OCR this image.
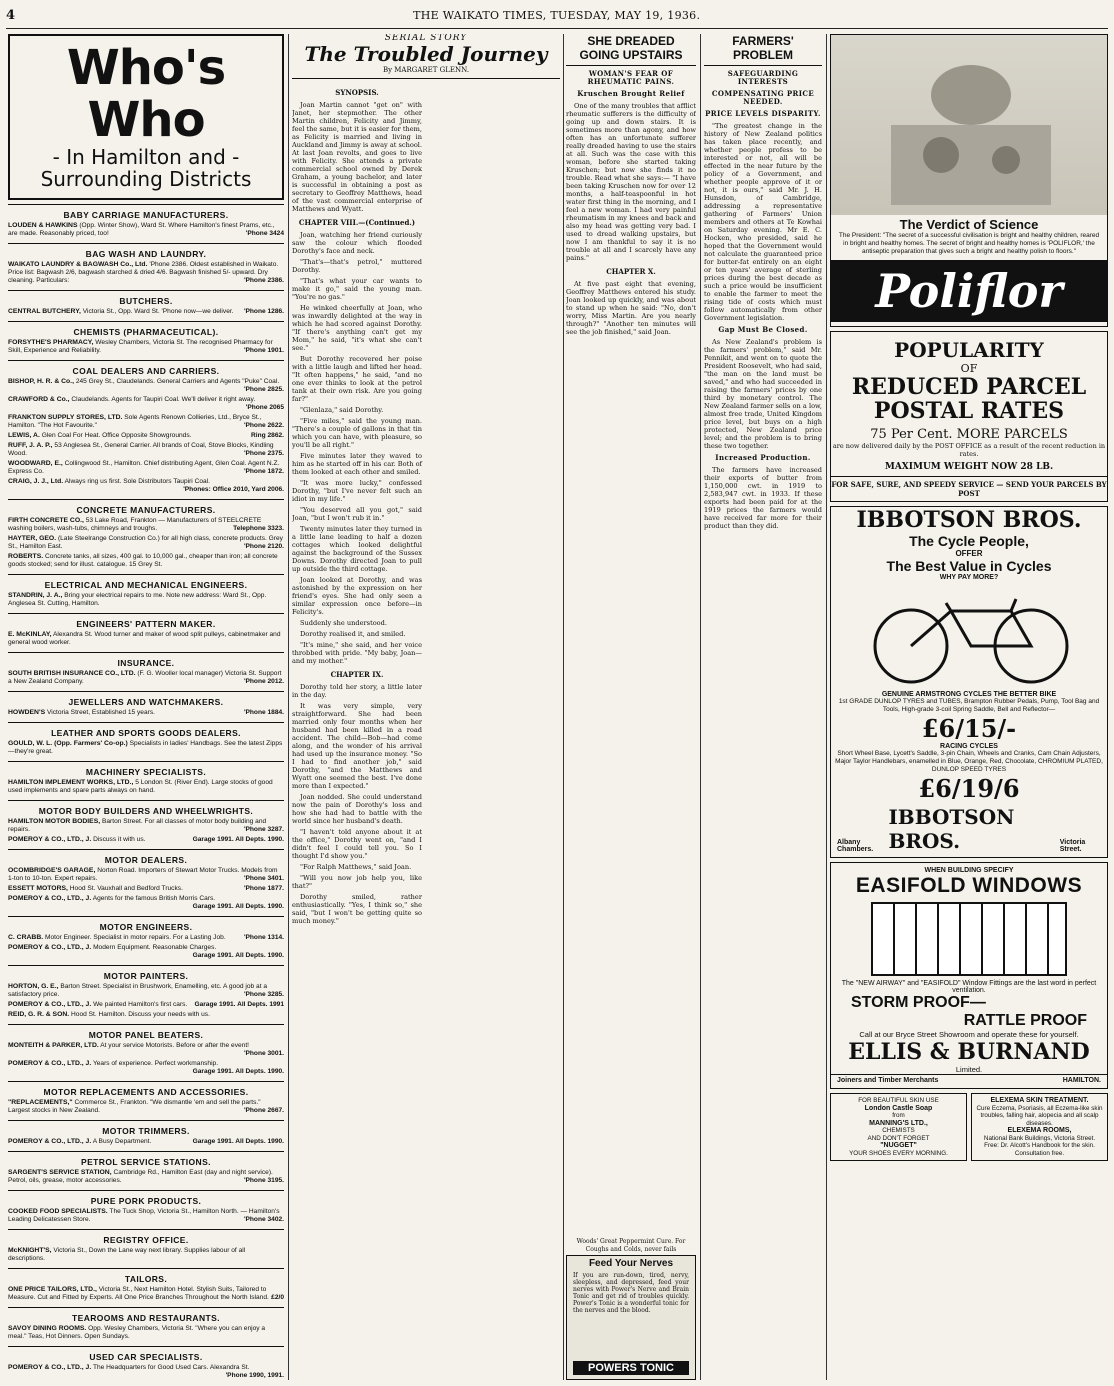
4	THE WAIKATO TIMES, TUESDAY, MAY 19, 1936.
Who's Who
- In Hamilton and - Surrounding Districts
BABY CARRIAGE MANUFACTURERS.
LOUDEN & HAWKINS (Opp. Winter Show), Ward St. Where Hamilton's finest Prams, etc., are made. Reasonably priced, too!	'Phone 3424
BAG WASH AND LAUNDRY.
WAIKATO LAUNDRY & BAGWASH Co., Ltd. 'Phone 2386. Oldest established in Waikato. Price list: Bagwash 2/6, bagwash starched & dried 4/6. Bagwash finished 5/- upward. Dry cleaning. Particulars:	'Phone 2386.
BUTCHERS.
CENTRAL BUTCHERY, Victoria St., Opp. Ward St. 'Phone now—we deliver. 'Phone 1286.
CHEMISTS (PHARMACEUTICAL).
FORSYTHE'S PHARMACY, Wesley Chambers, Victoria St. The recognised Pharmacy for Skill, Experience and Reliability.	'Phone 1901.
COAL DEALERS AND CARRIERS.
BISHOP, H. R. & Co., 245 Grey St., Claudelands. General Carriers and Agents "Puke" Coal.
'Phone 2825.
CRAWFORD & Co., Claudelands. Agents for Taupiri Coal. We'll deliver it right away.
'Phone 2065
FRANKTON SUPPLY STORES, LTD. Sole Agents Renown Collieries, Ltd., Bryce St., Hamilton. "The Hot Favourite."	'Phone 2622.
LEWIS, A. Glen Coal For Heat. Office Opposite Showgrounds.	Ring 2862.
RUFF, J. A. P., 53 Anglesea St., General Carrier. All brands of Coal, Stove Blocks, Kindling Wood.	'Phone 2375.
WOODWARD, E., Collingwood St., Hamilton. Chief distributing Agent, Glen Coal. Agent N.Z. Express Co.	'Phone 1872.
CRAIG, J. J., Ltd. Always ring us first. Sole Distributors Taupiri Coal.
'Phones: Office 2010, Yard 2006.
CONCRETE MANUFACTURERS.
FIRTH CONCRETE CO., 53 Lake Road, Frankton — Manufacturers of STEELCRETE washing boilers, wash-tubs, chimneys and troughs.	Telephone 3323.
HAYTER, GEO. (Late Steelrange Construction Co.) for all high class, concrete products. Grey St., Hamilton East.	'Phone 2120.
ROBERTS. Concrete tanks, all sizes, 400 gal. to 10,000 gal., cheaper than iron; all concrete goods stocked; send for illust. catalogue. 15 Grey St.
ELECTRICAL AND MECHANICAL ENGINEERS.
STANDRIN, J. A., Bring your electrical repairs to me. Note new address: Ward St., Opp. Anglesea St. Cutting, Hamilton.
ENGINEERS' PATTERN MAKER.
E. McKINLAY, Alexandra St. Wood turner and maker of wood split pulleys, cabinetmaker and general wood worker.
INSURANCE.
SOUTH BRITISH INSURANCE CO., LTD. (F. G. Wooller local manager) Victoria St. Support a New Zealand Company.	'Phone 2012.
JEWELLERS AND WATCHMAKERS.
HOWDEN'S Victoria Street, Established 15 years.	'Phone 1884.
LEATHER AND SPORTS GOODS DEALERS.
GOULD, W. L. (Opp. Farmers' Co-op.) Specialists in ladies' Handbags. See the latest Zipps—they're great.
MACHINERY SPECIALISTS.
HAMILTON IMPLEMENT WORKS, LTD., 5 London St. (River End). Large stocks of good used implements and spare parts always on hand.
MOTOR BODY BUILDERS AND WHEELWRIGHTS.
HAMILTON MOTOR BODIES, Barton Street. For all classes of motor body building and repairs.	'Phone 3287.
POMEROY & CO., LTD., J. Discuss it with us.	Garage 1991. All Depts. 1990.
MOTOR DEALERS.
OCOMBRIDGE'S GARAGE, Norton Road. Importers of Stewart Motor Trucks. Models from 1-ton to 10-ton. Expert repairs.	'Phone 3401.
ESSETT MOTORS, Hood St. Vauxhall and Bedford Trucks.	'Phone 1877.
POMEROY & CO., LTD., J. Agents for the famous British Morris Cars.
Garage 1991. All Depts. 1990.
MOTOR ENGINEERS.
C. CRABB. Motor Engineer. Specialist in motor repairs. For a Lasting Job.	'Phone 1314.
POMEROY & CO., LTD., J. Modern Equipment. Reasonable Charges.
Garage 1991. All Depts. 1990.
MOTOR PAINTERS.
HORTON, G. E., Barton Street. Specialist in Brushwork, Enamelling, etc. A good job at a satisfactory price.	'Phone 3285.
POMEROY & CO., LTD., J. We painted Hamilton's first cars. Garage 1991. All Depts. 1991
REID, G. R. & SON. Hood St. Hamilton. Discuss your needs with us.
MOTOR PANEL BEATERS.
MONTEITH & PARKER, LTD. At your service Motorists. Before or after the event!
'Phone 3001.
POMEROY & CO., LTD., J. Years of experience. Perfect workmanship.
Garage 1991. All Depts. 1990.
MOTOR REPLACEMENTS AND ACCESSORIES.
"REPLACEMENTS," Commerce St., Frankton. "We dismantle 'em and sell the parts." Largest stocks in New Zealand.	'Phone 2667.
MOTOR TRIMMERS.
POMEROY & CO., LTD., J. A Busy Department.	Garage 1991. All Depts. 1990.
PETROL SERVICE STATIONS.
SARGENT'S SERVICE STATION, Cambridge Rd., Hamilton East (day and night service). Petrol, oils, grease, motor accessories.	'Phone 3195.
PURE PORK PRODUCTS.
COOKED FOOD SPECIALISTS. The Tuck Shop, Victoria St., Hamilton North. — Hamilton's Leading Delicatessen Store.	'Phone 3402.
REGISTRY OFFICE.
McKNIGHT'S, Victoria St., Down the Lane way next library. Supplies labour of all descriptions.
TAILORS.
ONE PRICE TAILORS, LTD., Victoria St., Next Hamilton Hotel. Stylish Suits, Tailored to Measure. Cut and Fitted by Experts. All One Price Branches Throughout the North Island. £2/0
TEAROOMS AND RESTAURANTS.
SAVOY DINING ROOMS. Opp. Wesley Chambers, Victoria St. "Where you can enjoy a meal." Teas, Hot Dinners. Open Sundays.
USED CAR SPECIALISTS.
POMEROY & CO., LTD., J. The Headquarters for Good Used Cars. Alexandra St.
'Phone 1990, 1991.
SERIAL STORY
The Troubled Journey
By MARGARET GLENN.
SYNOPSIS.
Joan Martin cannot "get on" with Janet, her stepmother. The other Martin children, Felicity and Jimmy, feel the same, but it is easier for them, as Felicity is married and living in Auckland and Jimmy is away at school. At last Joan revolts, and goes to live with Felicity. She attends a private commercial school owned by Derek Graham, a young bachelor, and later is successful in obtaining a post as secretary to Geoffrey Matthews, head of the vast commercial enterprise of Matthews and Wyatt.
CHAPTER VIII.—(Continued.)
Joan, watching her friend curiously saw the colour which flooded Dorothy's face and neck.
"That's—that's petrol," muttered Dorothy.
"That's what your car wants to make it go," said the young man. "You're no gas."
He winked cheerfully at Joan, who was inwardly delighted at the way in which he had scored against Dorothy. "If there's anything can't get my Mom," he said, "it's what she can't see."
But Dorothy recovered her poise with a little laugh and lifted her head. "It often happens," he said, "and no one ever thinks to look at the petrol tank at their own risk. Are you going far?"
"Glenlaza," said Dorothy.
"Five miles," said the young man. "There's a couple of gallons in that tin which you can have, with pleasure, so you'll be all right."
Five minutes later they waved to him as he started off in his car. Both of them looked at each other and smiled.
"It was more lucky," confessed Dorothy, "but I've never felt such an idiot in my life."
"You deserved all you got," said Joan, "but I won't rub it in."
Twenty minutes later they turned in a little lane leading to half a dozen cottages which looked delightful against the background of the Sussex Downs. Dorothy directed Joan to pull up outside the third cottage.
Joan looked at Dorothy, and was astonished by the expression on her friend's eyes. She had only seen a similar expression once before—in Felicity's.
Suddenly she understood.
Dorothy realised it, and smiled.
"It's mine," she said, and her voice throbbed with pride. "My baby, Joan—and my mother."
CHAPTER IX.
Dorothy told her story, a little later in the day.
It was very simple, very straightforward. She had been married only four months when her husband had been killed in a road accident. The child—Bob—had come along, and the wonder of his arrival had used up the insurance money. "So I had to find another job," said Dorothy, "and the Matthews and Wyatt one seemed the best. I've done more than I expected."
Joan nodded. She could understand now the pain of Dorothy's loss and how she had had to battle with the world since her husband's death.
"I haven't told anyone about it at the office," Dorothy went on, "and I didn't feel I could tell you. So I thought I'd show you."
"For Ralph Matthews," said Joan.
"Will you now job help you, like that?"
Dorothy smiled, rather enthusiastically. "Yes, I think so," she said, "but I won't be getting quite so much money."
SHE DREADED GOING UPSTAIRS
WOMAN'S FEAR OF RHEUMATIC PAINS.
Kruschen Brought Relief
One of the many troubles that afflict rheumatic sufferers is the difficulty of going up and down stairs. It is sometimes more than agony, and how often has an unfortunate sufferer really dreaded having to use the stairs at all. Such was the case with this woman, before she started taking Kruschen; but now she finds it no trouble. Read what she says:— "I have been taking Kruschen now for over 12 months, a half-teaspoonful in hot water first thing in the morning, and I feel a new woman. I had very painful rheumatism in my knees and back and also my head was getting very bad. I used to dread walking upstairs, but now I am thankful to say it is no trouble at all and I scarcely have any pains."
CHAPTER X.
At five past eight that evening, Geoffrey Matthews entered his study. Joan looked up quickly, and was about to stand up when he said: "No, don't worry, Miss Martin. Are you nearly through?" "Another ten minutes will see the job finished," said Joan.
Feed Your Nerves
If you are run-down, tired, nervy, sleepless, and depressed, feed your nerves with Power's Nerve and Brain Tonic and get rid of troubles quickly. Power's Tonic is a wonderful tonic for the nerves and the blood.
POWERS TONIC
Woods' Great Peppermint Cure. For Coughs and Colds, never fails
FARMERS' PROBLEM
SAFEGUARDING INTERESTS
COMPENSATING PRICE NEEDED.
PRICE LEVELS DISPARITY.
"The greatest change in the history of New Zealand politics has taken place recently, and whether people profess to be interested or not, all will be effected in the near future by the policy of a Government, and whether people approve of it or not, it is ours," said Mr. J. H. Hunsdon, of Cambridge, addressing a representative gathering of Farmers' Union members and others at Te Kowhai on Saturday evening. Mr E. C. Hocken, who presided, said he hoped that the Government would not calculate the guaranteed price for butter-fat entirely on an eight or ten years' average of sterling prices during the best decade as such a price would be insufficient to enable the farmer to meet the rising tide of costs which must follow automatically from other Government legislation.
Gap Must Be Closed.
As New Zealand's problem is the farmers' problem," said Mr. Pennikit, and went on to quote the President Roosevelt, who had said, "the man on the land must be saved," and who had succeeded in raising the farmers' prices by one third by monetary control. The New Zealand farmer sells on a low, almost free trade, United Kingdom price level, but buys on a high protected, New Zealand price level; and the problem is to bring these two together.
Increased Production.
The farmers have increased their exports of butter from 1,150,000 cwt. in 1919 to 2,583,947 cwt. in 1933. If these exports had been paid for at the 1919 prices the farmers would have received far more for their product than they did.
The Verdict of Science
The President: "The secret of a successful civilisation is bright and healthy children, reared in bright and healthy homes. The secret of bright and healthy homes is 'POLIFLOR,' the antiseptic preparation that gives such a bright and healthy polish to floors."
Poliflor
POPULARITY
OF
REDUCED PARCEL POSTAL RATES
75 Per Cent. MORE PARCELS
are now delivered daily by the POST OFFICE as a result of the recent reduction in rates.
MAXIMUM WEIGHT NOW 28 LB.
FOR SAFE, SURE, AND SPEEDY SERVICE — SEND YOUR PARCELS BY POST
IBBOTSON BROS.
The Cycle People,
OFFER
The Best Value in Cycles
WHY PAY MORE?
GENUINE ARMSTRONG CYCLES THE BETTER BIKE
1st GRADE DUNLOP TYRES and TUBES, Brampton Rubber Pedals, Pump, Tool Bag and Tools, High-grade 3-coil Spring Saddle, Bell and Reflector—
£6/15/-
RACING CYCLES
Short Wheel Base, Lycett's Saddle, 3-pin Chain, Wheels and Cranks, Cam Chain Adjusters, Major Taylor Handlebars, enamelled in Blue, Orange, Red, Chocolate, CHROMIUM PLATED, DUNLOP SPEED TYRES
£6/19/6
Albany Chambers.
IBBOTSON BROS.	Victoria Street.
WHEN BUILDING SPECIFY
EASIFOLD WINDOWS
The "NEW AIRWAY" and "EASIFOLD" Window Fittings are the last word in perfect ventilation.
STORM PROOF—
RATTLE PROOF
Call at our Bryce Street Showroom and operate these for yourself.
ELLIS & BURNAND
Limited.
Joiners and Timber Merchants	HAMILTON.
FOR BEAUTIFUL SKIN USE
London Castle Soap
from
MANNING'S LTD.,
CHEMISTS
AND DON'T FORGET
"NUGGET"
YOUR SHOES EVERY MORNING.
ELEXEMA SKIN TREATMENT.
Cure Eczema, Psoriasis, all Eczema-like skin troubles, falling hair, alopecia and all scalp diseases.
ELEXEMA ROOMS,
National Bank Buildings, Victoria Street.
Free: Dr. Alcott's Handbook for the skin. Consultation free.
